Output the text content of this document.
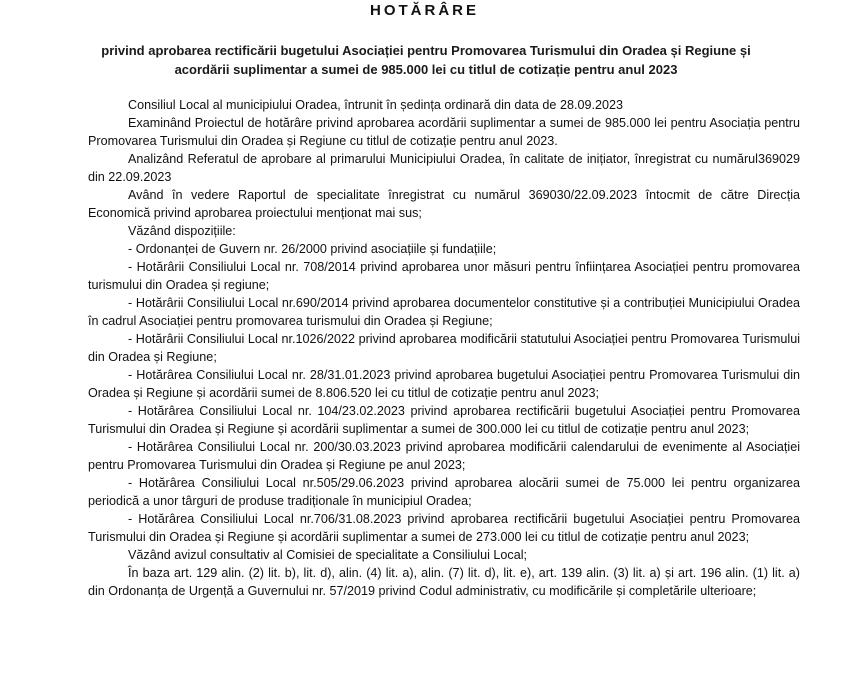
HOTĂRÂRE
privind aprobarea rectificării bugetului Asociației pentru Promovarea Turismului din Oradea și Regiune și
acordării suplimentar a sumei de 985.000 lei cu titlul de cotizație pentru anul 2023

Consiliul Local al municipiului Oradea, întrunit în ședința ordinară din data de 28.09.2023

Examinând Proiectul de hotărâre privind aprobarea acordării suplimentar a sumei de 985.000 lei pentru Asociația pentru Promovarea Turismului din Oradea și Regiune cu titlul de cotizație pentru anul 2023.

Analizând Referatul de aprobare al primarului Municipiului Oradea, în calitate de inițiator, înregistrat cu numărul369029 din 22.09.2023

Având în vedere Raportul de specialitate înregistrat cu numărul 369030/22.09.2023 întocmit de către Direcția Economică privind aprobarea proiectului menționat mai sus;

Văzând dispozițiile:

- Ordonanței de Guvern nr. 26/2000 privind asociațiile și fundațiile;

- Hotărârii Consiliului Local nr. 708/2014 privind aprobarea unor măsuri pentru înființarea Asociației pentru promovarea turismului din Oradea și regiune;

- Hotărârii Consiliului Local nr.690/2014 privind aprobarea documentelor constitutive și a contribuției Municipiului Oradea în cadrul Asociației pentru promovarea turismului din Oradea și Regiune;

- Hotărârii Consiliului Local nr.1026/2022 privind aprobarea modificării statutului Asociației pentru Promovarea Turismului din Oradea și Regiune;

- Hotărârea Consiliului Local nr. 28/31.01.2023 privind aprobarea bugetului Asociației pentru Promovarea Turismului din Oradea și Regiune și acordării sumei de 8.806.520 lei cu titlul de cotizație pentru anul 2023;

- Hotărârea Consiliului Local nr. 104/23.02.2023 privind aprobarea rectificării bugetului Asociației pentru Promovarea Turismului din Oradea și Regiune și acordării suplimentar a sumei de 300.000 lei cu titlul de cotizație pentru anul 2023;

- Hotărârea Consiliului Local nr. 200/30.03.2023 privind aprobarea modificării calendarului de evenimente al Asociației pentru Promovarea Turismului din Oradea și Regiune pe anul 2023;

- Hotărârea Consiliului Local nr.505/29.06.2023 privind aprobarea alocării sumei de 75.000 lei pentru organizarea periodică a unor târguri de produse tradiționale în municipiul Oradea;

- Hotărârea Consiliului Local nr.706/31.08.2023 privind aprobarea rectificării bugetului Asociației pentru Promovarea Turismului din Oradea și Regiune și acordării suplimentar a sumei de 273.000 lei cu titlul de cotizație pentru anul 2023;

Văzând avizul consultativ al Comisiei de specialitate a Consiliului Local;

În baza art. 129 alin. (2) lit. b), lit. d), alin. (4) lit. a), alin. (7) lit. d), lit. e), art. 139 alin. (3) lit. a) și art. 196 alin. (1) lit. a) din Ordonanța de Urgență a Guvernului nr. 57/2019 privind Codul administrativ, cu modificările și completările ulterioare;
